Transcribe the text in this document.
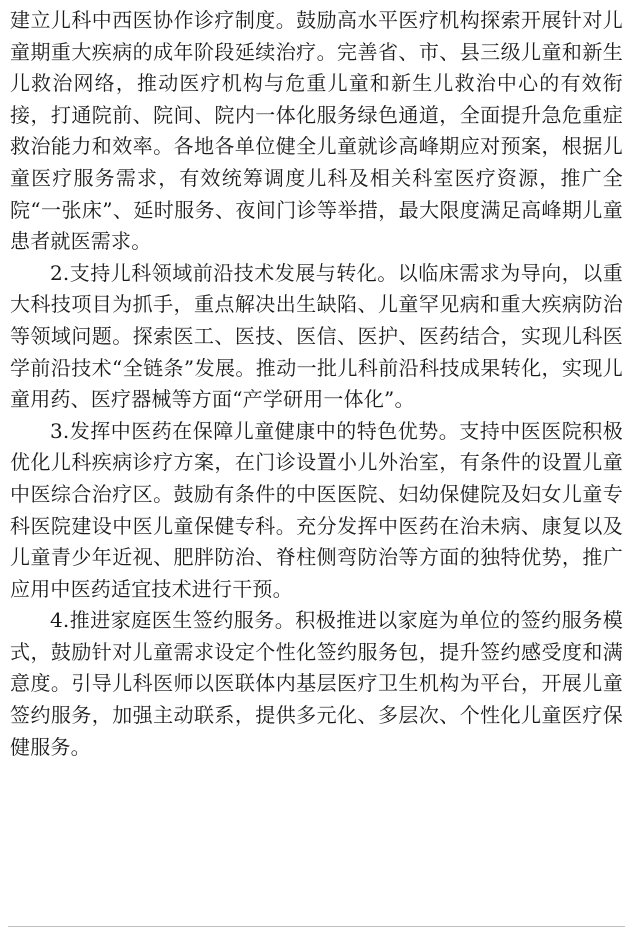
建立儿科中西医协作诊疗制度。鼓励高水平医疗机构探索开展针对儿童期重大疾病的成年阶段延续治疗。完善省、市、县三级儿童和新生儿救治网络，推动医疗机构与危重儿童和新生儿救治中心的有效衔接，打通院前、院间、院内一体化服务绿色通道，全面提升急危重症救治能力和效率。各地各单位健全儿童就诊高峰期应对预案，根据儿童医疗服务需求，有效统筹调度儿科及相关科室医疗资源，推广全院“一张床”、延时服务、夜间门诊等举措，最大限度满足高峰期儿童患者就医需求。

2.支持儿科领域前沿技术发展与转化。以临床需求为导向，以重大科技项目为抓手，重点解决出生缺陷、儿童罕见病和重大疾病防治等领域问题。探索医工、医技、医信、医护、医药结合，实现儿科医学前沿技术“全链条”发展。推动一批儿科前沿科技成果转化，实现儿童用药、医疗器械等方面“产学研用一体化”。

3.发挥中医药在保障儿童健康中的特色优势。支持中医医院积极优化儿科疾病诊疗方案，在门诊设置小儿外治室，有条件的设置儿童中医综合治疗区。鼓励有条件的中医医院、妇幼保健院及妇女儿童专科医院建设中医儿童保健专科。充分发挥中医药在治未病、康复以及儿童青少年近视、肥胖防治、脊柱侧弯防治等方面的独特优势，推广应用中医药适宜技术进行干预。

4.推进家庭医生签约服务。积极推进以家庭为单位的签约服务模式，鼓励针对儿童需求设定个性化签约服务包，提升签约感受度和满意度。引导儿科医师以医联体内基层医疗卫生机构为平台，开展儿童签约服务，加强主动联系，提供多元化、多层次、个性化儿童医疗保健服务。
